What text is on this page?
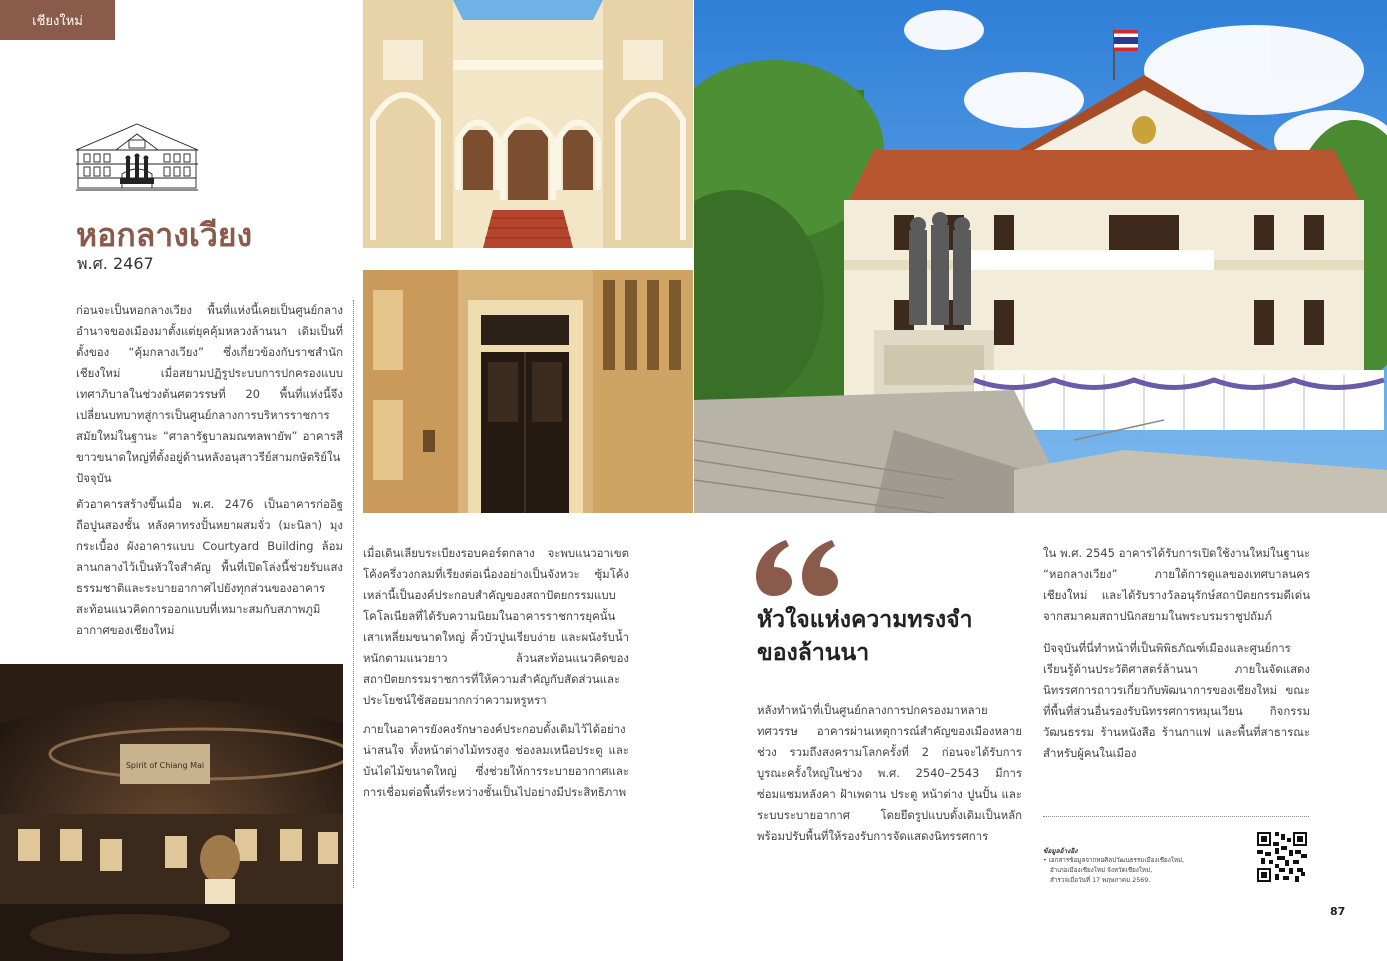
เชียงใหม่
หอกลางเวียง
พ.ศ. 2467

ก่อนจะเป็นหอกลางเวียง พื้นที่แห่งนี้เคยเป็นศูนย์กลางอำนาจของเมืองมาตั้งแต่ยุคคุ้มหลวงล้านนา เดิมเป็นที่ตั้งของ “คุ้มกลางเวียง” ซึ่งเกี่ยวข้องกับราชสำนักเชียงใหม่ เมื่อสยามปฏิรูประบบการปกครองแบบเทศาภิบาลในช่วงต้นศตวรรษที่ 20 พื้นที่แห่งนี้จึงเปลี่ยนบทบาทสู่การเป็นศูนย์กลางการบริหารราชการสมัยใหม่ในฐานะ “ศาลารัฐบาลมณฑลพายัพ” อาคารสีขาวขนาดใหญ่ที่ตั้งอยู่ด้านหลังอนุสาวรีย์สามกษัตริย์ในปัจจุบัน

ตัวอาคารสร้างขึ้นเมื่อ พ.ศ. 2476 เป็นอาคารก่ออิฐถือปูนสองชั้น หลังคาทรงปั้นหยาผสมจั่ว (มะนิลา) มุงกระเบื้อง ผังอาคารแบบ Courtyard Building ล้อมลานกลางไว้เป็นหัวใจสำคัญ พื้นที่เปิดโล่งนี้ช่วยรับแสงธรรมชาติและระบายอากาศไปยังทุกส่วนของอาคาร สะท้อนแนวคิดการออกแบบที่เหมาะสมกับสภาพภูมิอากาศของเชียงใหม่

Spirit of Chiang Mai

เมื่อเดินเลียบระเบียงรอบคอร์ตกลาง จะพบแนวอาเขตโค้งครึ่งวงกลมที่เรียงต่อเนื่องอย่างเป็นจังหวะ ซุ้มโค้งเหล่านี้เป็นองค์ประกอบสำคัญของสถาปัตยกรรมแบบโคโลเนียลที่ได้รับความนิยมในอาคารราชการยุคนั้น เสาเหลี่ยมขนาดใหญ่ คิ้วบัวปูนเรียบง่าย และผนังรับน้ำหนักตามแนวยาว ล้วนสะท้อนแนวคิดของสถาปัตยกรรมราชการที่ให้ความสำคัญกับสัดส่วนและประโยชน์ใช้สอยมากกว่าความหรูหรา

ภายในอาคารยังคงรักษาองค์ประกอบดั้งเดิมไว้ได้อย่างน่าสนใจ ทั้งหน้าต่างไม้ทรงสูง ช่องลมเหนือประตู และบันไดไม้ขนาดใหญ่ ซึ่งช่วยให้การระบายอากาศและการเชื่อมต่อพื้นที่ระหว่างชั้นเป็นไปอย่างมีประสิทธิภาพ

หัวใจแห่งความทรงจำ
ของล้านนา

หลังทำหน้าที่เป็นศูนย์กลางการปกครองมาหลายทศวรรษ อาคารผ่านเหตุการณ์สำคัญของเมืองหลายช่วง รวมถึงสงครามโลกครั้งที่ 2 ก่อนจะได้รับการบูรณะครั้งใหญ่ในช่วง พ.ศ. 2540–2543 มีการซ่อมแซมหลังคา ฝ้าเพดาน ประตู หน้าต่าง ปูนปั้น และระบบระบายอากาศ โดยยึดรูปแบบดั้งเดิมเป็นหลัก พร้อมปรับพื้นที่ให้รองรับการจัดแสดงนิทรรศการ

ใน พ.ศ. 2545 อาคารได้รับการเปิดใช้งานใหม่ในฐานะ “หอกลางเวียง” ภายใต้การดูแลของเทศบาลนครเชียงใหม่ และได้รับรางวัลอนุรักษ์สถาปัตยกรรมดีเด่นจากสมาคมสถาปนิกสยามในพระบรมราชูปถัมภ์

ปัจจุบันที่นี่ทำหน้าที่เป็นพิพิธภัณฑ์เมืองและศูนย์การเรียนรู้ด้านประวัติศาสตร์ล้านนา ภายในจัดแสดงนิทรรศการถาวรเกี่ยวกับพัฒนาการของเชียงใหม่ ขณะที่พื้นที่ส่วนอื่นรองรับนิทรรศการหมุนเวียน กิจกรรมวัฒนธรรม ร้านหนังสือ ร้านกาแฟ และพื้นที่สาธารณะสำหรับผู้คนในเมือง

ข้อมูลอ้างอิง
• เอกสารข้อมูลจากหอศิลปวัฒนธรรมเมืองเชียงใหม่,
อำเภอเมืองเชียงใหม่ จังหวัดเชียงใหม่,
สำรวจเมื่อวันที่ 17 พฤษภาคม 2569.
87
